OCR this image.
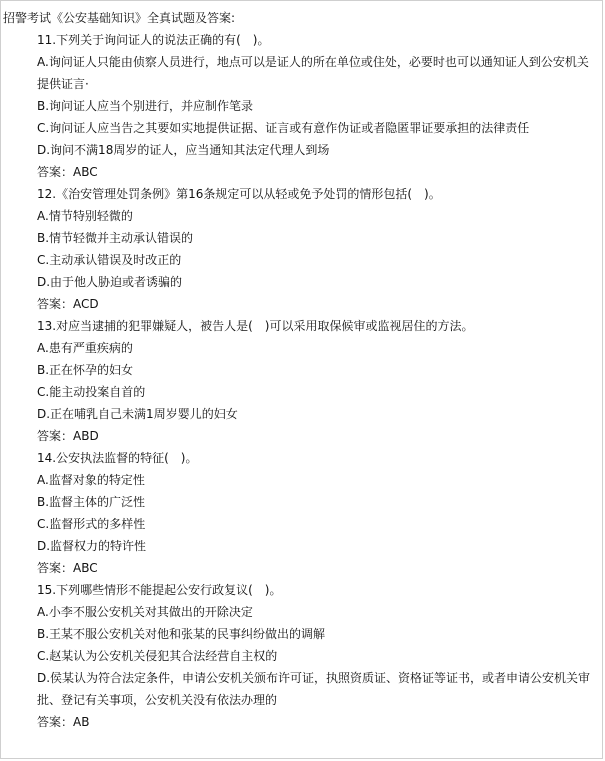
招警考试《公安基础知识》全真试题及答案:
11.下列关于询问证人的说法正确的有(　)。
A.询问证人只能由侦察人员进行，地点可以是证人的所在单位或住处，必要时也可以通知证人到公安机关提供证言·
B.询问证人应当个别进行，并应制作笔录
C.询问证人应当告之其要如实地提供证据、证言或有意作伪证或者隐匿罪证要承担的法律责任
D.询问不满18周岁的证人，应当通知其法定代理人到场
答案：ABC
12.《治安管理处罚条例》第16条规定可以从轻或免予处罚的情形包括(　)。
A.情节特别轻微的
B.情节轻微并主动承认错误的
C.主动承认错误及时改正的
D.由于他人胁迫或者诱骗的
答案：ACD
13.对应当逮捕的犯罪嫌疑人，被告人是(　)可以采用取保候审或监视居住的方法。
A.患有严重疾病的
B.正在怀孕的妇女
C.能主动投案自首的
D.正在哺乳自己未满1周岁婴儿的妇女
答案：ABD
14.公安执法监督的特征(　)。
A.监督对象的特定性
B.监督主体的广泛性
C.监督形式的多样性
D.监督权力的特许性
答案：ABC
15.下列哪些情形不能提起公安行政复议(　)。
A.小李不服公安机关对其做出的开除决定
B.王某不服公安机关对他和张某的民事纠纷做出的调解
C.赵某认为公安机关侵犯其合法经营自主权的
D.侯某认为符合法定条件，申请公安机关颁布许可证，执照资质证、资格证等证书，或者申请公安机关审批、登记有关事项，公安机关没有依法办理的
答案：AB
